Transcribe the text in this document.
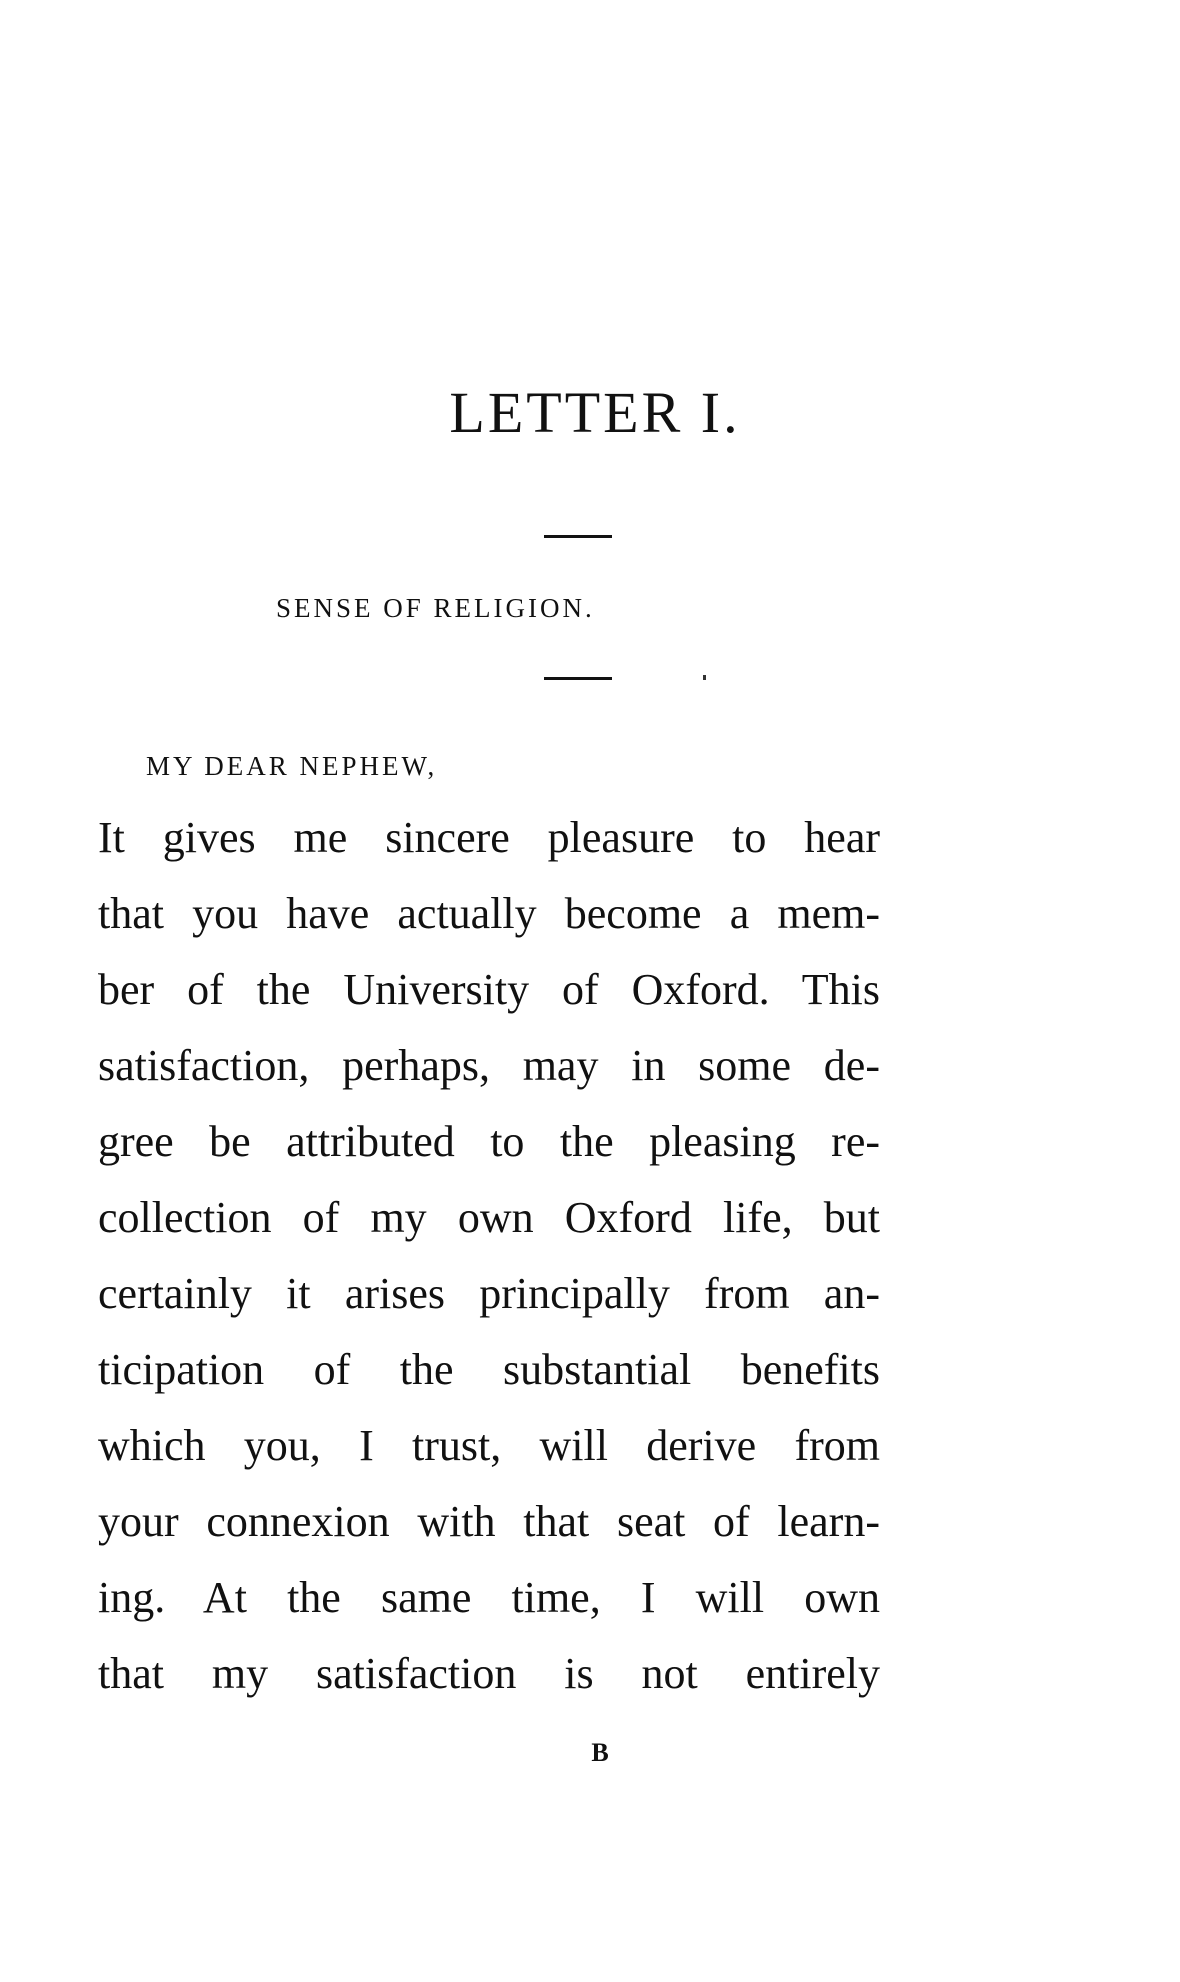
LETTER I.
SENSE OF RELIGION.
MY DEAR NEPHEW,
It gives me sincere pleasure to hear
that you have actually become a mem-
ber of the University of Oxford. This
satisfaction, perhaps, may in some de-
gree be attributed to the pleasing re-
collection of my own Oxford life, but
certainly it arises principally from an-
ticipation of the substantial benefits
which you, I trust, will derive from
your connexion with that seat of learn-
ing. At the same time, I will own
that my satisfaction is not entirely
B
